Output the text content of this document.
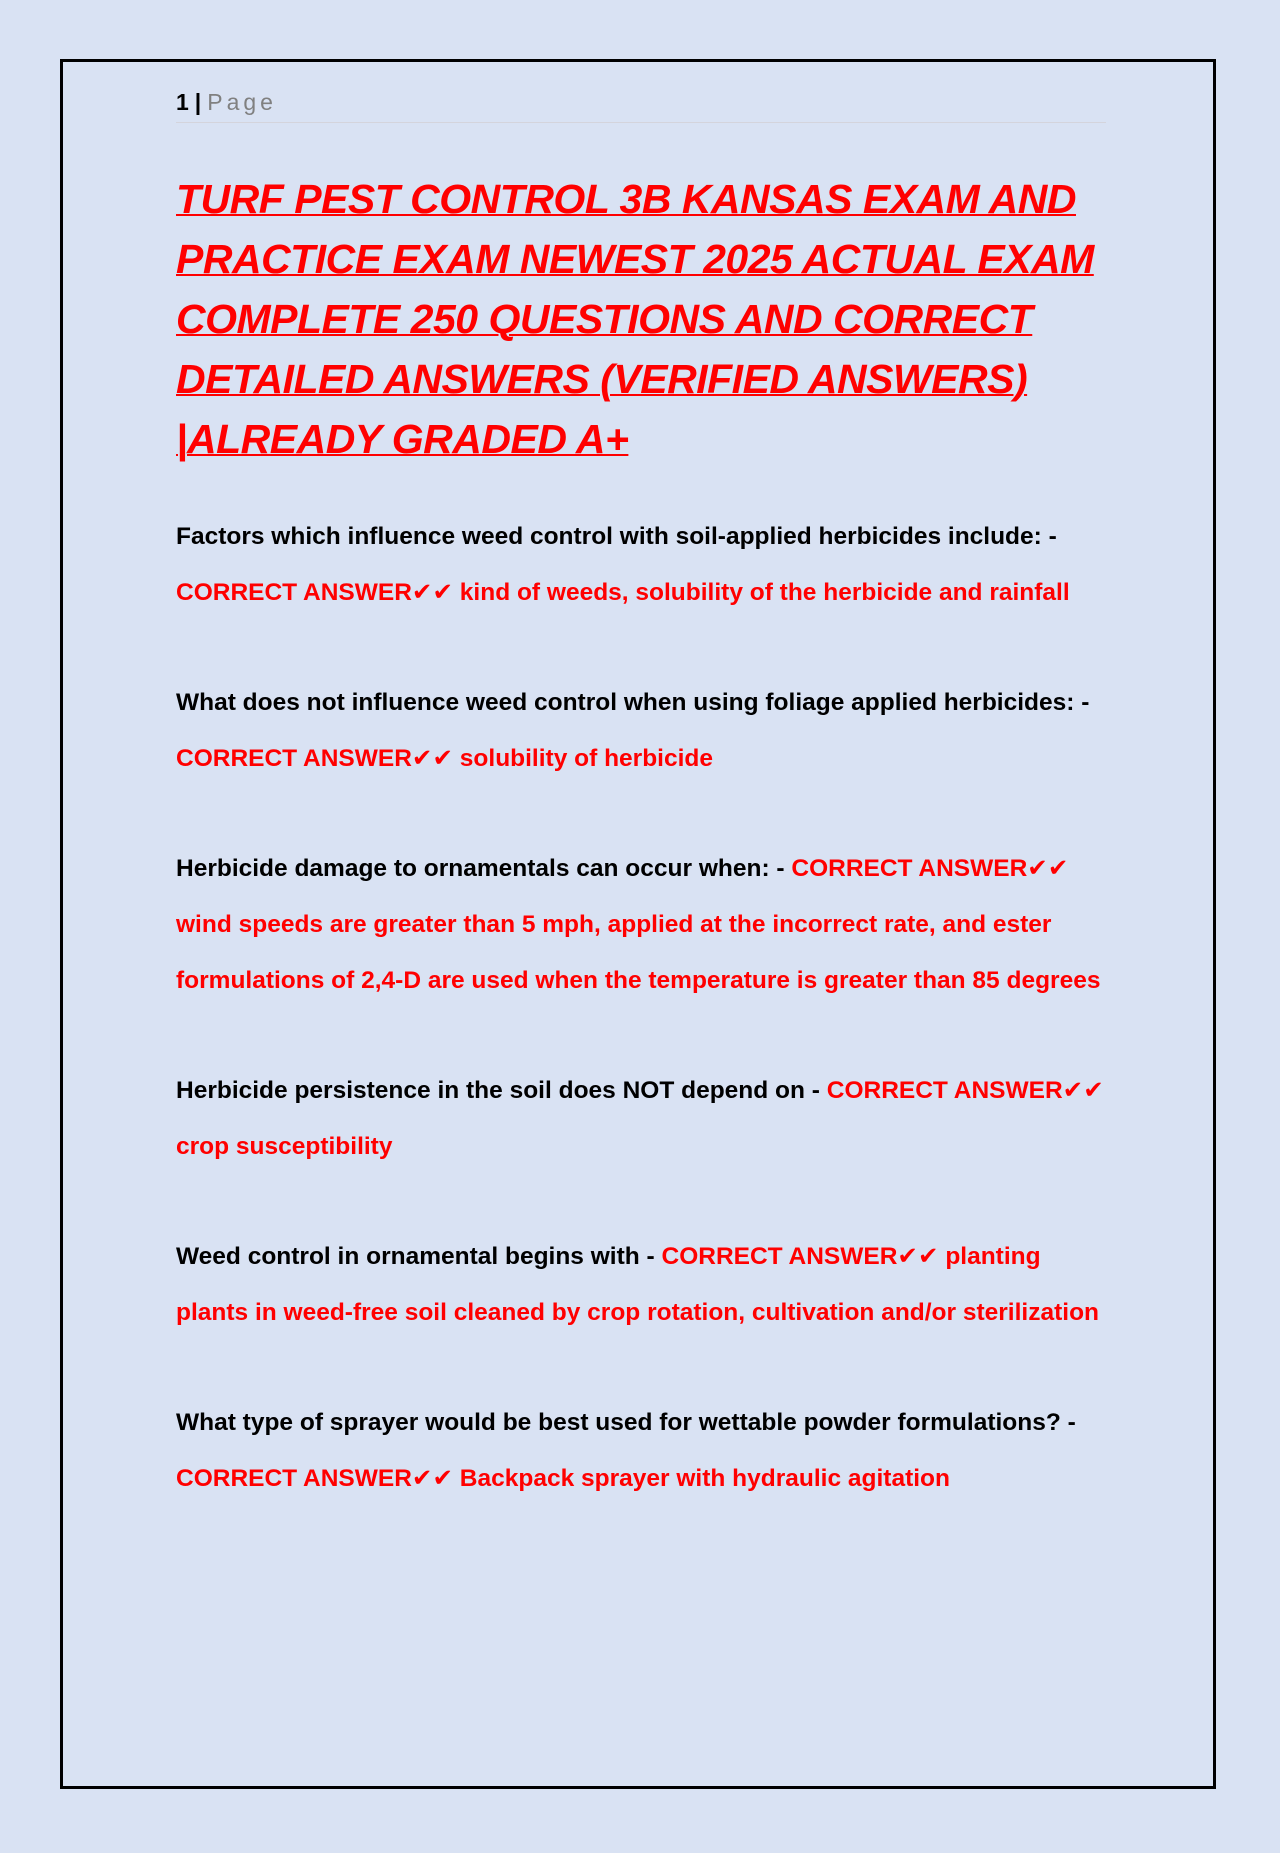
1 | Page
TURF PEST CONTROL 3B KANSAS EXAM AND PRACTICE EXAM NEWEST 2025 ACTUAL EXAM COMPLETE 250 QUESTIONS AND CORRECT DETAILED ANSWERS (VERIFIED ANSWERS) |ALREADY GRADED A+
Factors which influence weed control with soil-applied herbicides include: - CORRECT ANSWER✔✔ kind of weeds, solubility of the herbicide and rainfall
What does not influence weed control when using foliage applied herbicides: - CORRECT ANSWER✔✔ solubility of herbicide
Herbicide damage to ornamentals can occur when: - CORRECT ANSWER✔✔ wind speeds are greater than 5 mph, applied at the incorrect rate, and ester formulations of 2,4-D are used when the temperature is greater than 85 degrees
Herbicide persistence in the soil does NOT depend on - CORRECT ANSWER✔✔ crop susceptibility
Weed control in ornamental begins with - CORRECT ANSWER✔✔ planting plants in weed-free soil cleaned by crop rotation, cultivation and/or sterilization
What type of sprayer would be best used for wettable powder formulations? - CORRECT ANSWER✔✔ Backpack sprayer with hydraulic agitation
